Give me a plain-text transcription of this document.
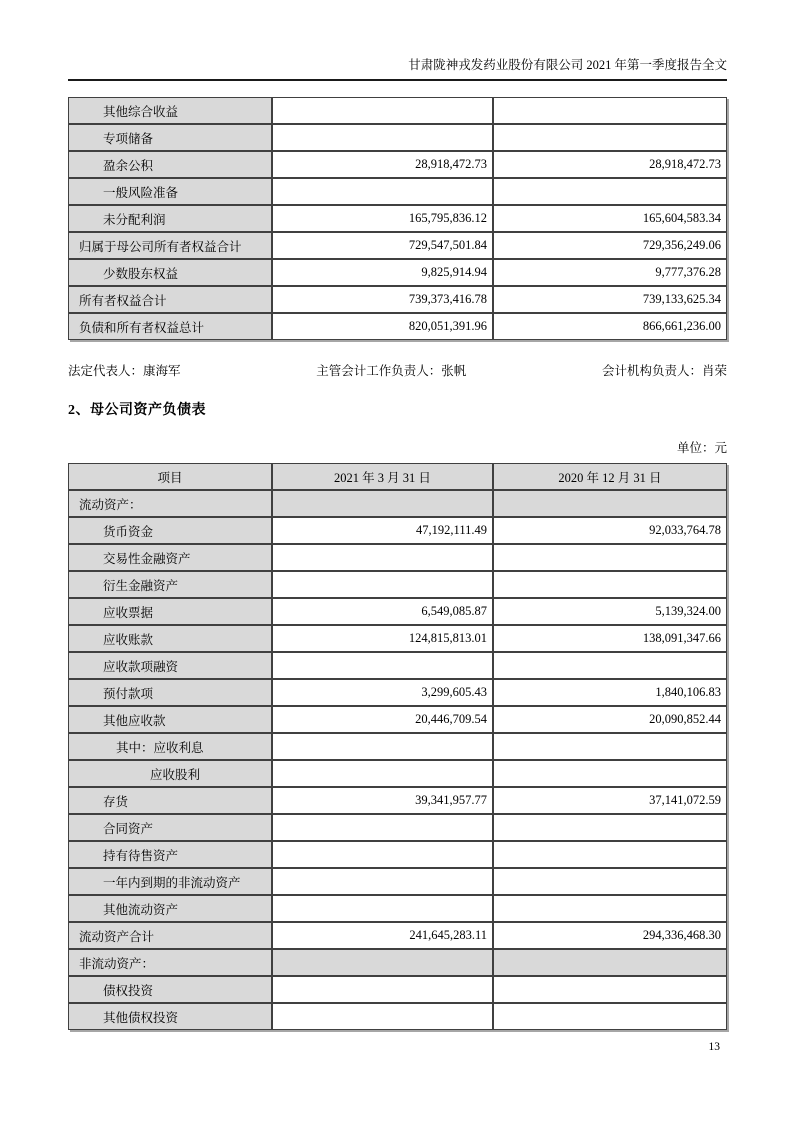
甘肃陇神戎发药业股份有限公司 2021 年第一季度报告全文
其他综合收益		
专项储备		
盈余公积	28,918,472.73	28,918,472.73
一般风险准备		
未分配利润	165,795,836.12	165,604,583.34
归属于母公司所有者权益合计	729,547,501.84	729,356,249.06
少数股东权益	9,825,914.94	9,777,376.28
所有者权益合计	739,373,416.78	739,133,625.34
负债和所有者权益总计	820,051,391.96	866,661,236.00
法定代表人：康海军	主管会计工作负责人：张帆	会计机构负责人：肖荣
2、母公司资产负债表
单位：元
项目	2021 年 3 月 31 日	2020 年 12 月 31 日
流动资产：		
货币资金	47,192,111.49	92,033,764.78
交易性金融资产		
衍生金融资产		
应收票据	6,549,085.87	5,139,324.00
应收账款	124,815,813.01	138,091,347.66
应收款项融资		
预付款项	3,299,605.43	1,840,106.83
其他应收款	20,446,709.54	20,090,852.44
其中：应收利息		
应收股利		
存货	39,341,957.77	37,141,072.59
合同资产		
持有待售资产		
一年内到期的非流动资产		
其他流动资产		
流动资产合计	241,645,283.11	294,336,468.30
非流动资产：		
债权投资		
其他债权投资		
13
